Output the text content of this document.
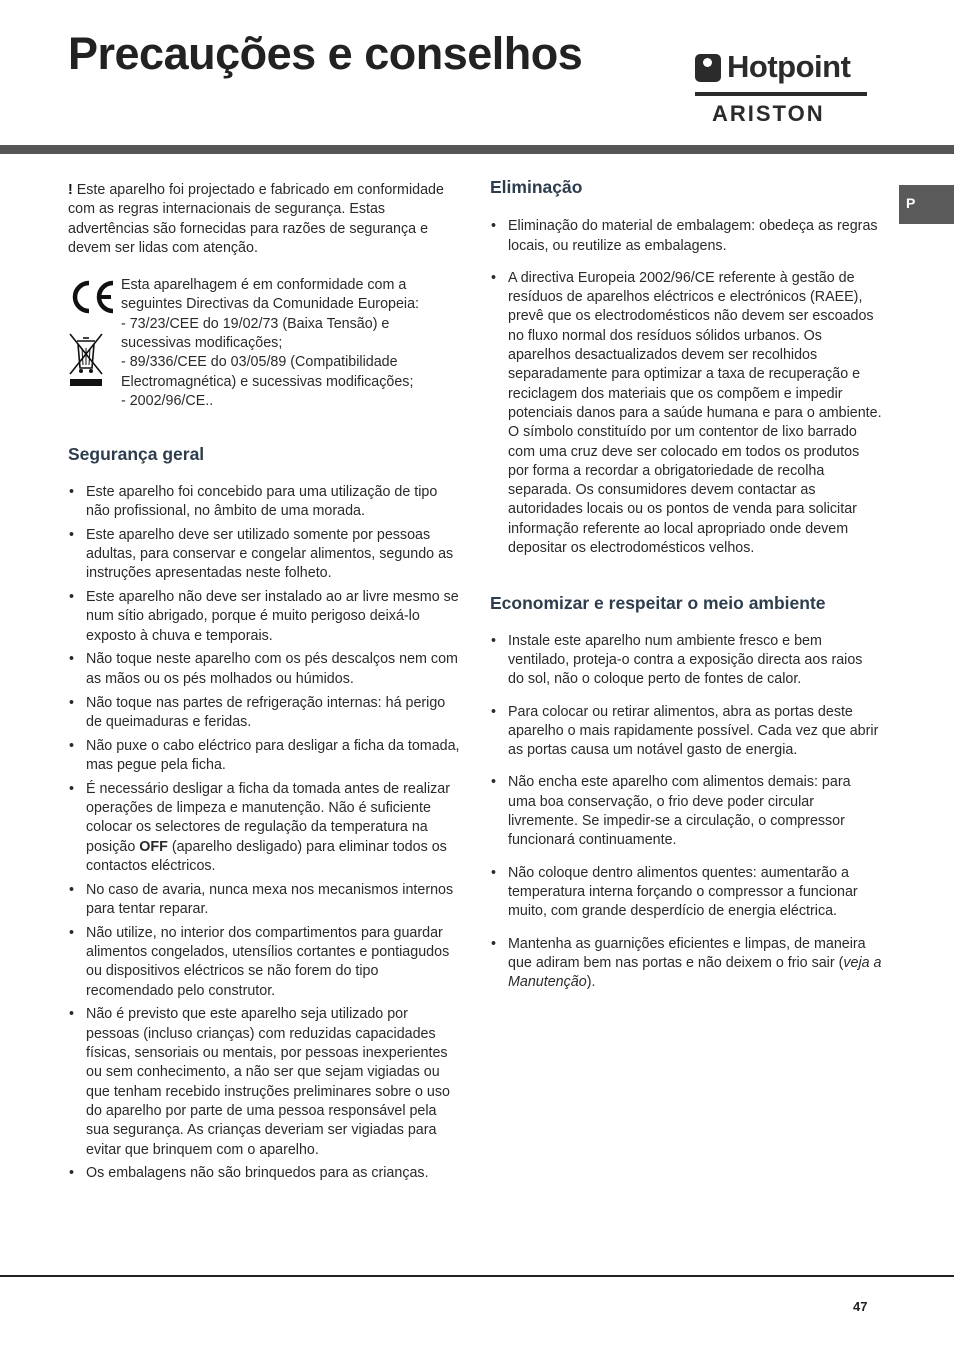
Precauções e conselhos	Hotpoint
ARISTON
P

! Este aparelho foi projectado e fabricado em conformidade com as regras internacionais de segurança. Estas advertências são fornecidas para razões de segurança e devem ser lidas com atenção.

Esta aparelhagem é em conformidade com a seguintes Directivas da Comunidade Europeia:

- 73/23/CEE do 19/02/73 (Baixa Tensão) e sucessivas modificações;

- 89/336/CEE do 03/05/89 (Compatibilidade Electromagnética) e sucessivas modificações;

- 2002/96/CE..

Segurança geral
• Este aparelho foi concebido para uma utilização de tipo não profissional, no âmbito de uma morada.
• Este aparelho deve ser utilizado somente por pessoas adultas, para conservar e congelar alimentos, segundo as instruções apresentadas neste folheto.
• Este aparelho não deve ser instalado ao ar livre mesmo se num sítio abrigado, porque é muito perigoso deixá-lo exposto à chuva e temporais.
• Não toque neste aparelho com os pés descalços nem com as mãos ou os pés molhados ou húmidos.
• Não toque nas partes de refrigeração internas: há perigo de queimaduras e feridas.
• Não puxe o cabo eléctrico para desligar a ficha da tomada, mas pegue pela ficha.
• É necessário desligar a ficha da tomada antes de realizar operações de limpeza e manutenção. Não é suficiente colocar os selectores de regulação da temperatura na posição OFF (aparelho desligado) para eliminar todos os contactos eléctricos.
• No caso de avaria, nunca mexa nos mecanismos internos para tentar reparar.
• Não utilize, no interior dos compartimentos para guardar alimentos congelados, utensílios cortantes e pontiagudos ou dispositivos eléctricos se não forem do tipo recomendado pelo construtor.
• Não é previsto que este aparelho seja utilizado por pessoas (incluso crianças) com reduzidas capacidades físicas, sensoriais ou mentais, por pessoas inexperientes ou sem conhecimento, a não ser que sejam vigiadas ou que tenham recebido instruções preliminares sobre o uso do aparelho por parte de uma pessoa responsável pela sua segurança. As crianças deveriam ser vigiadas para evitar que brinquem com o aparelho.
• Os embalagens não são brinquedos para as crianças.
Eliminação
• Eliminação do material de embalagem: obedeça as regras locais, ou reutilize as embalagens.
• A directiva Europeia 2002/96/CE referente à gestão de resíduos de aparelhos eléctricos e electrónicos (RAEE), prevê que os electrodomésticos não devem ser escoados no fluxo normal dos resíduos sólidos urbanos. Os aparelhos desactualizados devem ser recolhidos separadamente para optimizar a taxa de recuperação e reciclagem dos materiais que os compõem e impedir potenciais danos para a saúde humana e para o ambiente. O símbolo constituído por um contentor de lixo barrado com uma cruz deve ser colocado em todos os produtos por forma a recordar a obrigatoriedade de recolha separada. Os consumidores devem contactar as autoridades locais ou os pontos de venda para solicitar informação referente ao local apropriado onde devem depositar os electrodomésticos velhos.
Economizar e respeitar o meio ambiente
• Instale este aparelho num ambiente fresco e bem ventilado, proteja-o contra a exposição directa aos raios do sol, não o coloque perto de fontes de calor.
• Para colocar ou retirar alimentos, abra as portas deste aparelho o mais rapidamente possível. Cada vez que abrir as portas causa um notável gasto de energia.
• Não encha este aparelho com alimentos demais: para uma boa conservação, o frio deve poder circular livremente. Se impedir-se a circulação, o compressor funcionará continuamente.
• Não coloque dentro alimentos quentes: aumentarão a temperatura interna forçando o compressor a funcionar muito, com grande desperdício de energia eléctrica.
• Mantenha as guarnições eficientes e limpas, de maneira que adiram bem nas portas e não deixem o frio sair (veja a Manutenção).
47
